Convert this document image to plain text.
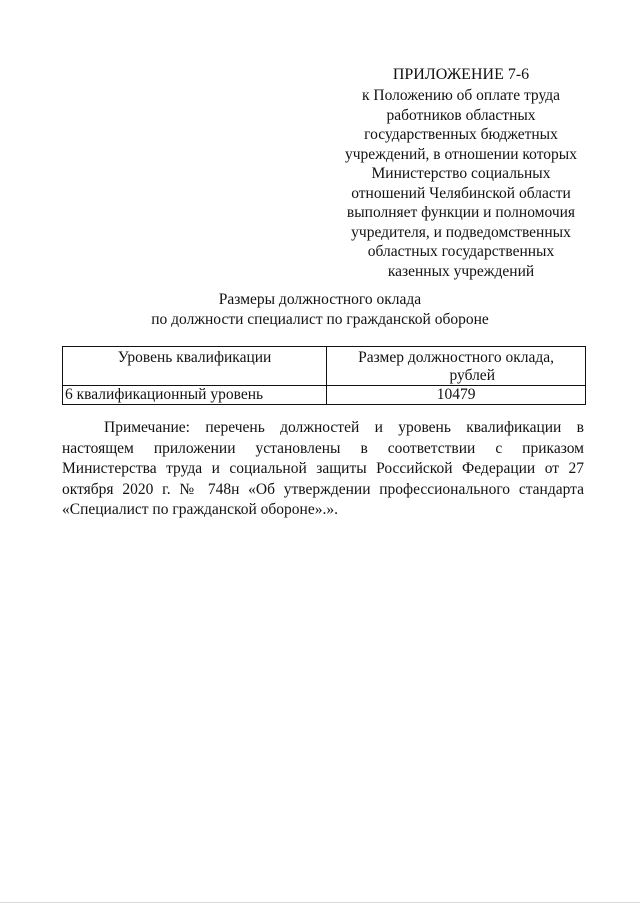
ПРИЛОЖЕНИЕ 7-6
к Положению об оплате труда
работников областных
государственных бюджетных
учреждений, в отношении которых
Министерство социальных
отношений Челябинской области
выполняет функции и полномочия
учредителя, и подведомственных
областных государственных
казенных учреждений
Размеры должностного оклада
по должности специалист по гражданской обороне
Уровень квалификации	Размер должностного оклада,
рублей

6 квалификационный уровень	10479
Примечание: перечень должностей и уровень квалификации в настоящем приложении установлены в соответствии с приказом Министерства труда и социальной защиты Российской Федерации от 27 октября 2020 г. № 748н «Об утверждении профессионального стандарта «Специалист по гражданской обороне».».
